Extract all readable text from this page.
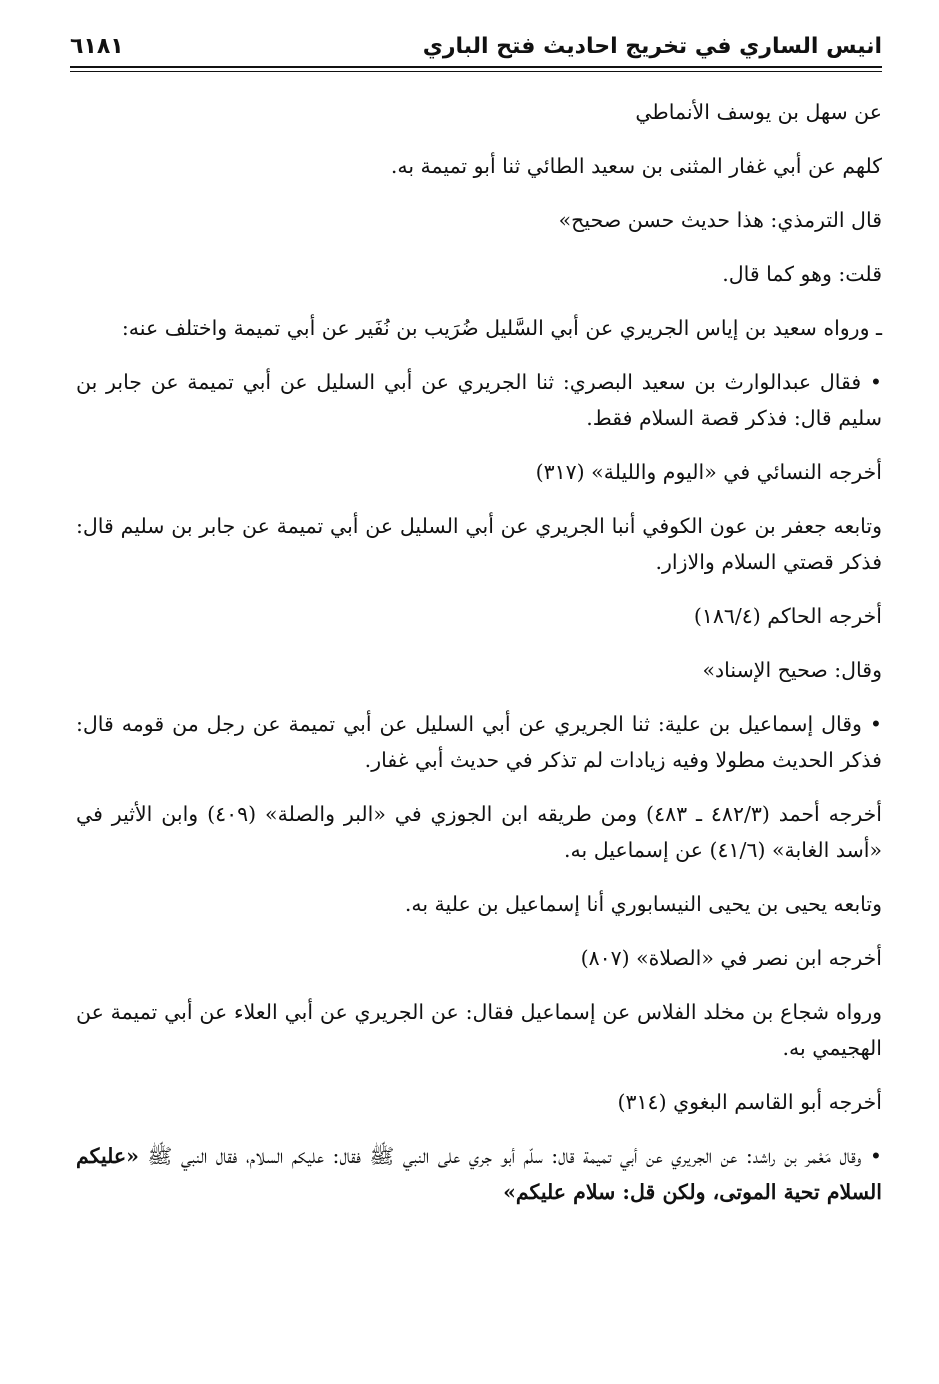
انيس الساري في تخريج احاديث فتح الباري
٦١٨١

عن سهل بن يوسف الأنماطي

كلهم عن أبي غفار المثنى بن سعيد الطائي ثنا أبو تميمة به.

قال الترمذي: هذا حديث حسن صحيح»

قلت: وهو كما قال.

ـ ورواه سعيد بن إياس الجريري عن أبي السَّليل ضُرَيب بن نُفَير عن أبي تميمة واختلف عنه:

• فقال عبدالوارث بن سعيد البصري: ثنا الجريري عن أبي السليل عن أبي تميمة عن جابر بن سليم قال: فذكر قصة السلام فقط.

أخرجه النسائي في «اليوم والليلة» (٣١٧)

وتابعه جعفر بن عون الكوفي أنبا الجريري عن أبي السليل عن أبي تميمة عن جابر بن سليم قال: فذكر قصتي السلام والازار.

أخرجه الحاكم (١٨٦/٤)

وقال: صحيح الإسناد»

• وقال إسماعيل بن علية: ثنا الجريري عن أبي السليل عن أبي تميمة عن رجل من قومه قال: فذكر الحديث مطولا وفيه زيادات لم تذكر في حديث أبي غفار.

أخرجه أحمد (٤٨٢/٣ ـ ٤٨٣) ومن طريقه ابن الجوزي في «البر والصلة» (٤٠٩) وابن الأثير في «أسد الغابة» (٤١/٦) عن إسماعيل به.

وتابعه يحيى بن يحيى النيسابوري أنا إسماعيل بن علية به.

أخرجه ابن نصر في «الصلاة» (٨٠٧)

ورواه شجاع بن مخلد الفلاس عن إسماعيل فقال: عن الجريري عن أبي العلاء عن أبي تميمة عن الهجيمي به.

أخرجه أبو القاسم البغوي (٣١٤)

• وقال مَعْمر بن راشد: عن الجريري عن أبي تميمة قال: سلّم أبو جري على النبي ﷺ فقال: عليكم السلام، فقال النبي ﷺ «عليكم السلام تحية الموتى، ولكن قل: سلام عليكم»
